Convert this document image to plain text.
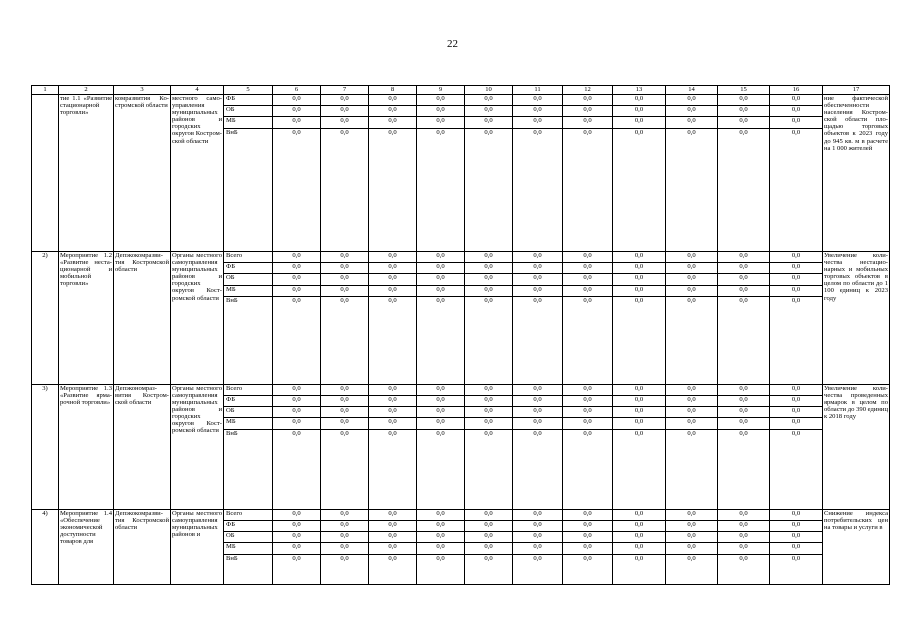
22
1	2	3	4	5	6	7	8	9	10	11	12	13	14	15	16	17
	тие 1.1 «Развитие стационарной торговли»	комразвития Костромской области	местного самоуправления муниципальных районов и городских округов Костромской области	ФБ	0,0	0,0	0,0	0,0	0,0	0,0	0,0	0,0	0,0	0,0	0,0	ние фактической обеспеченности населения Костромской области площадью торговых объектов к 2023 году до 945 кв. м в расчете на 1 000 жителей
				ОБ	0,0	0,0	0,0	0,0	0,0	0,0	0,0	0,0	0,0	0,0	0,0	
				МБ	0,0	0,0	0,0	0,0	0,0	0,0	0,0	0,0	0,0	0,0	0,0	
				ВнБ	0,0	0,0	0,0	0,0	0,0	0,0	0,0	0,0	0,0	0,0	0,0	
2)	Мероприятие 1.2 «Развитие нестационарной и мобильной торговли»	Депэкокомразвития Костромской области	Органы местного самоуправления муниципальных районов и городских округов Костромской области	Всего	0,0	0,0	0,0	0,0	0,0	0,0	0,0	0,0	0,0	0,0	0,0	Увеличение количества нестационарных и мобильных торговых объектов в целом по области до 1 100 единиц к 2023 году
				ФБ	0,0	0,0	0,0	0,0	0,0	0,0	0,0	0,0	0,0	0,0	0,0	
				ОБ	0,0	0,0	0,0	0,0	0,0	0,0	0,0	0,0	0,0	0,0	0,0	
				МБ	0,0	0,0	0,0	0,0	0,0	0,0	0,0	0,0	0,0	0,0	0,0	
				ВнБ	0,0	0,0	0,0	0,0	0,0	0,0	0,0	0,0	0,0	0,0	0,0	
3)	Мероприятие 1.3 «Развитие ярмарочной торговли»	Депэкономразвития Костромской области	Органы местного самоуправления муниципальных районов и городских округов Костромской области	Всего	0,0	0,0	0,0	0,0	0,0	0,0	0,0	0,0	0,0	0,0	0,0	Увеличение количества проведенных ярмарок в целом по области до 390 единиц к 2018 году
				ФБ	0,0	0,0	0,0	0,0	0,0	0,0	0,0	0,0	0,0	0,0	0,0	
				ОБ	0,0	0,0	0,0	0,0	0,0	0,0	0,0	0,0	0,0	0,0	0,0	
				МБ	0,0	0,0	0,0	0,0	0,0	0,0	0,0	0,0	0,0	0,0	0,0	
				ВнБ	0,0	0,0	0,0	0,0	0,0	0,0	0,0	0,0	0,0	0,0	0,0	
4)	Мероприятие 1.4 «Обеспечение экономической доступности товаров для	Депэкокомразвития Костромской области	Органы местного самоуправления муниципальных районов и	Всего	0,0	0,0	0,0	0,0	0,0	0,0	0,0	0,0	0,0	0,0	0,0	Снижение индекса потребительских цен на товары и услуги в
				ФБ	0,0	0,0	0,0	0,0	0,0	0,0	0,0	0,0	0,0	0,0	0,0	
				ОБ	0,0	0,0	0,0	0,0	0,0	0,0	0,0	0,0	0,0	0,0	0,0	
				МБ	0,0	0,0	0,0	0,0	0,0	0,0	0,0	0,0	0,0	0,0	0,0	
				ВнБ	0,0	0,0	0,0	0,0	0,0	0,0	0,0	0,0	0,0	0,0	0,0	
